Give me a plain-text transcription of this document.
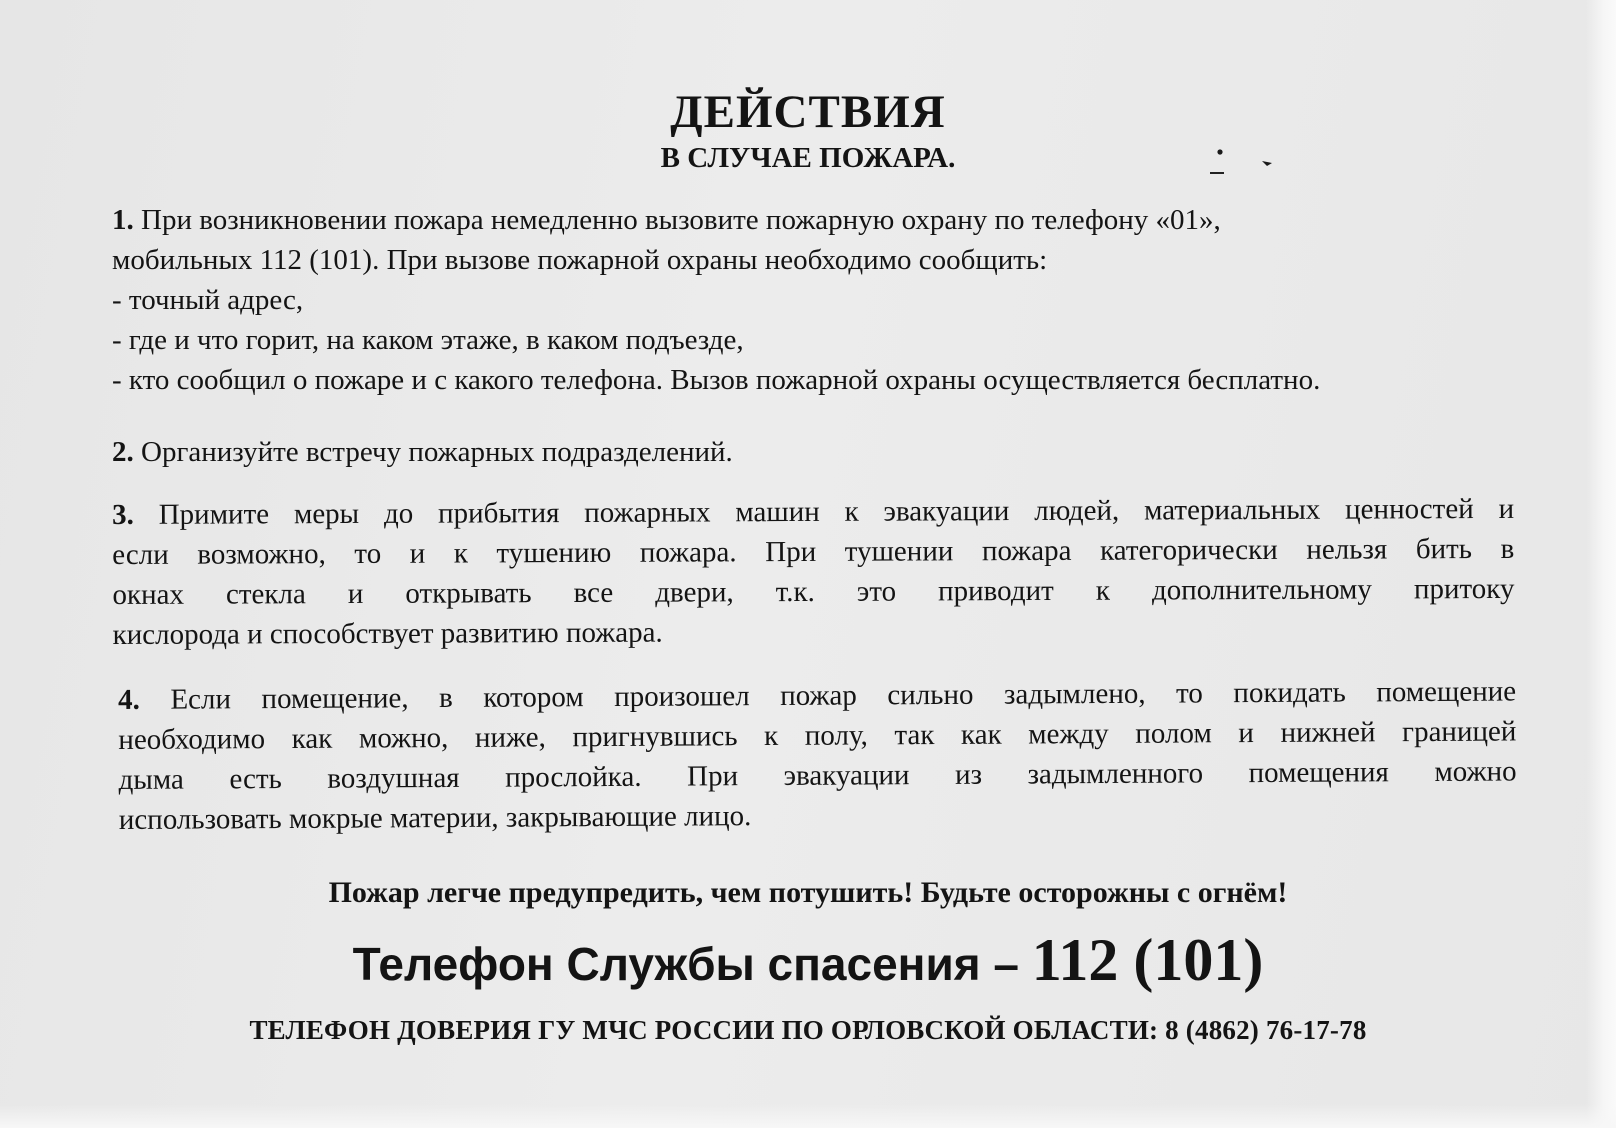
ДЕЙСТВИЯ
В СЛУЧАЕ ПОЖАРА.
1. При возникновении пожара немедленно вызовите пожарную охрану по телефону «01»,
мобильных 112 (101). При вызове пожарной охраны необходимо сообщить:
- точный адрес,
- где и что горит, на каком этаже, в каком подъезде,
- кто сообщил о пожаре и с какого телефона. Вызов пожарной охраны осуществляется бесплатно.
2. Организуйте встречу пожарных подразделений.
3. Примите меры до прибытия пожарных машин к эвакуации людей, материальных ценностей и
если возможно, то и к тушению пожара. При тушении пожара категорически нельзя бить в
окнах стекла и открывать все двери, т.к. это приводит к дополнительному притоку
кислорода и способствует развитию пожара.
4. Если помещение, в котором произошел пожар сильно задымлено, то покидать помещение
необходимо как можно, ниже, пригнувшись к полу, так как между полом и нижней границей
дыма есть воздушная прослойка. При эвакуации из задымленного помещения можно
использовать мокрые материи, закрывающие лицо.
Пожар легче предупредить, чем потушить! Будьте осторожны с огнём!
Телефон Службы спасения – 112 (101)
ТЕЛЕФОН ДОВЕРИЯ ГУ МЧС РОССИИ ПО ОРЛОВСКОЙ ОБЛАСТИ: 8 (4862) 76-17-78
